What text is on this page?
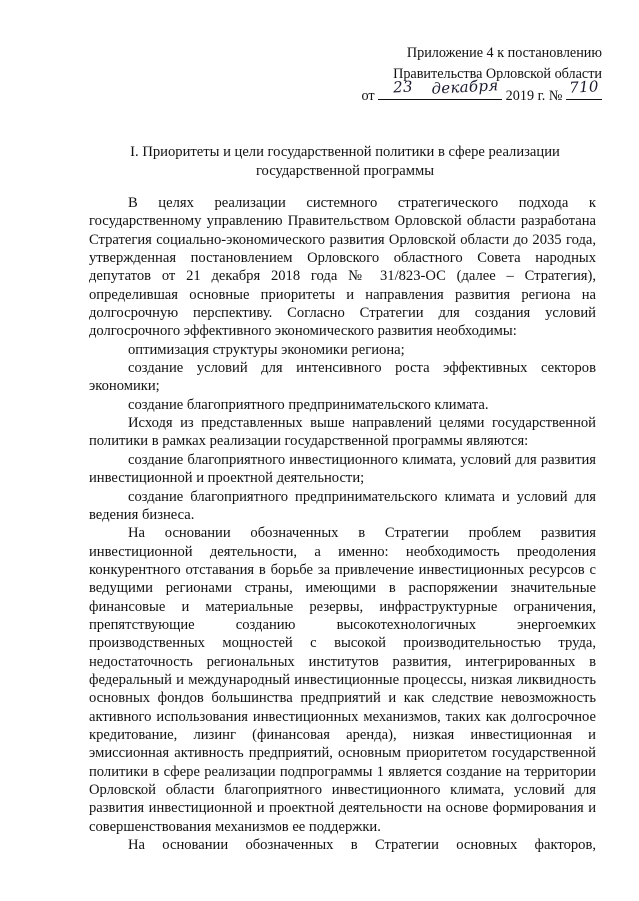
Приложение 4 к постановлению
Правительства Орловской области
от	23	декабря 2019 г. № 710
I. Приоритеты и цели государственной политики в сфере реализации
государственной программы

В целях реализации системного стратегического подхода к государственному управлению Правительством Орловской области разработана Стратегия социально-экономического развития Орловской области до 2035 года, утвержденная постановлением Орловского областного Совета народных депутатов от 21 декабря 2018 года № 31/823-ОС (далее – Стратегия), определившая основные приоритеты и направления развития региона на долгосрочную перспективу. Согласно Стратегии для создания условий долгосрочного эффективного экономического развития необходимы:

оптимизация структуры экономики региона;

создание условий для интенсивного роста эффективных секторов экономики;

создание благоприятного предпринимательского климата.

Исходя из представленных выше направлений целями государственной политики в рамках реализации государственной программы являются:

создание благоприятного инвестиционного климата, условий для развития инвестиционной и проектной деятельности;

создание благоприятного предпринимательского климата и условий для ведения бизнеса.

На основании обозначенных в Стратегии проблем развития инвестиционной деятельности, а именно: необходимость преодоления конкурентного отставания в борьбе за привлечение инвестиционных ресурсов с ведущими регионами страны, имеющими в распоряжении значительные финансовые и материальные резервы, инфраструктурные ограничения, препятствующие созданию высокотехнологичных энергоемких производственных мощностей с высокой производительностью труда, недостаточность региональных институтов развития, интегрированных в федеральный и международный инвестиционные процессы, низкая ликвидность основных фондов большинства предприятий и как следствие невозможность активного использования инвестиционных механизмов, таких как долгосрочное кредитование, лизинг (финансовая аренда), низкая инвестиционная и эмиссионная активность предприятий, основным приоритетом государственной политики в сфере реализации подпрограммы 1 является создание на территории Орловской области благоприятного инвестиционного климата, условий для развития инвестиционной и проектной деятельности на основе формирования и совершенствования механизмов ее поддержки.

На основании обозначенных в Стратегии основных факторов,
